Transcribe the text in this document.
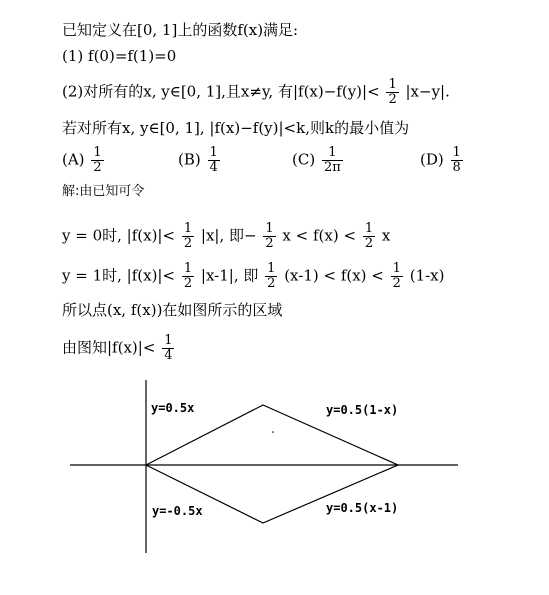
已知定义在[0, 1]上的函数f(x)满足:
(1) f(0)=f(1)=0
(2)对所有的x, y∈[0, 1],且x≠y, 有$|f(x)-f(y)|< \frac{1}{2} |x-y|$.
若对所有x, y∈[0, 1], |f(x)−f(y)|<k,则k的最小值为
$(A) \frac{1}{2}$	$(B) \frac{1}{4}$	$(C) \frac{1}{2\pi}$	$(D) \frac{1}{8}$
解:由已知可令
y = 0时, $|f(x)|< \frac{1}{2} |x|$, 即− $\frac{1}{2}$ $x < f(x) < \frac{1}{2}$ x
y = 1时, $|f(x)|< \frac{1}{2} |x-1|$, 即 $\frac{1}{2} (x-1) < f(x) < \frac{1}{2} (1-x)$
所以点(x, f(x))在如图所示的区域
由图知$|f(x)|< \frac{1}{4}$
y=0.5x	y=0.5(1-x)
y=-0.5x	y=0.5(x-1)
